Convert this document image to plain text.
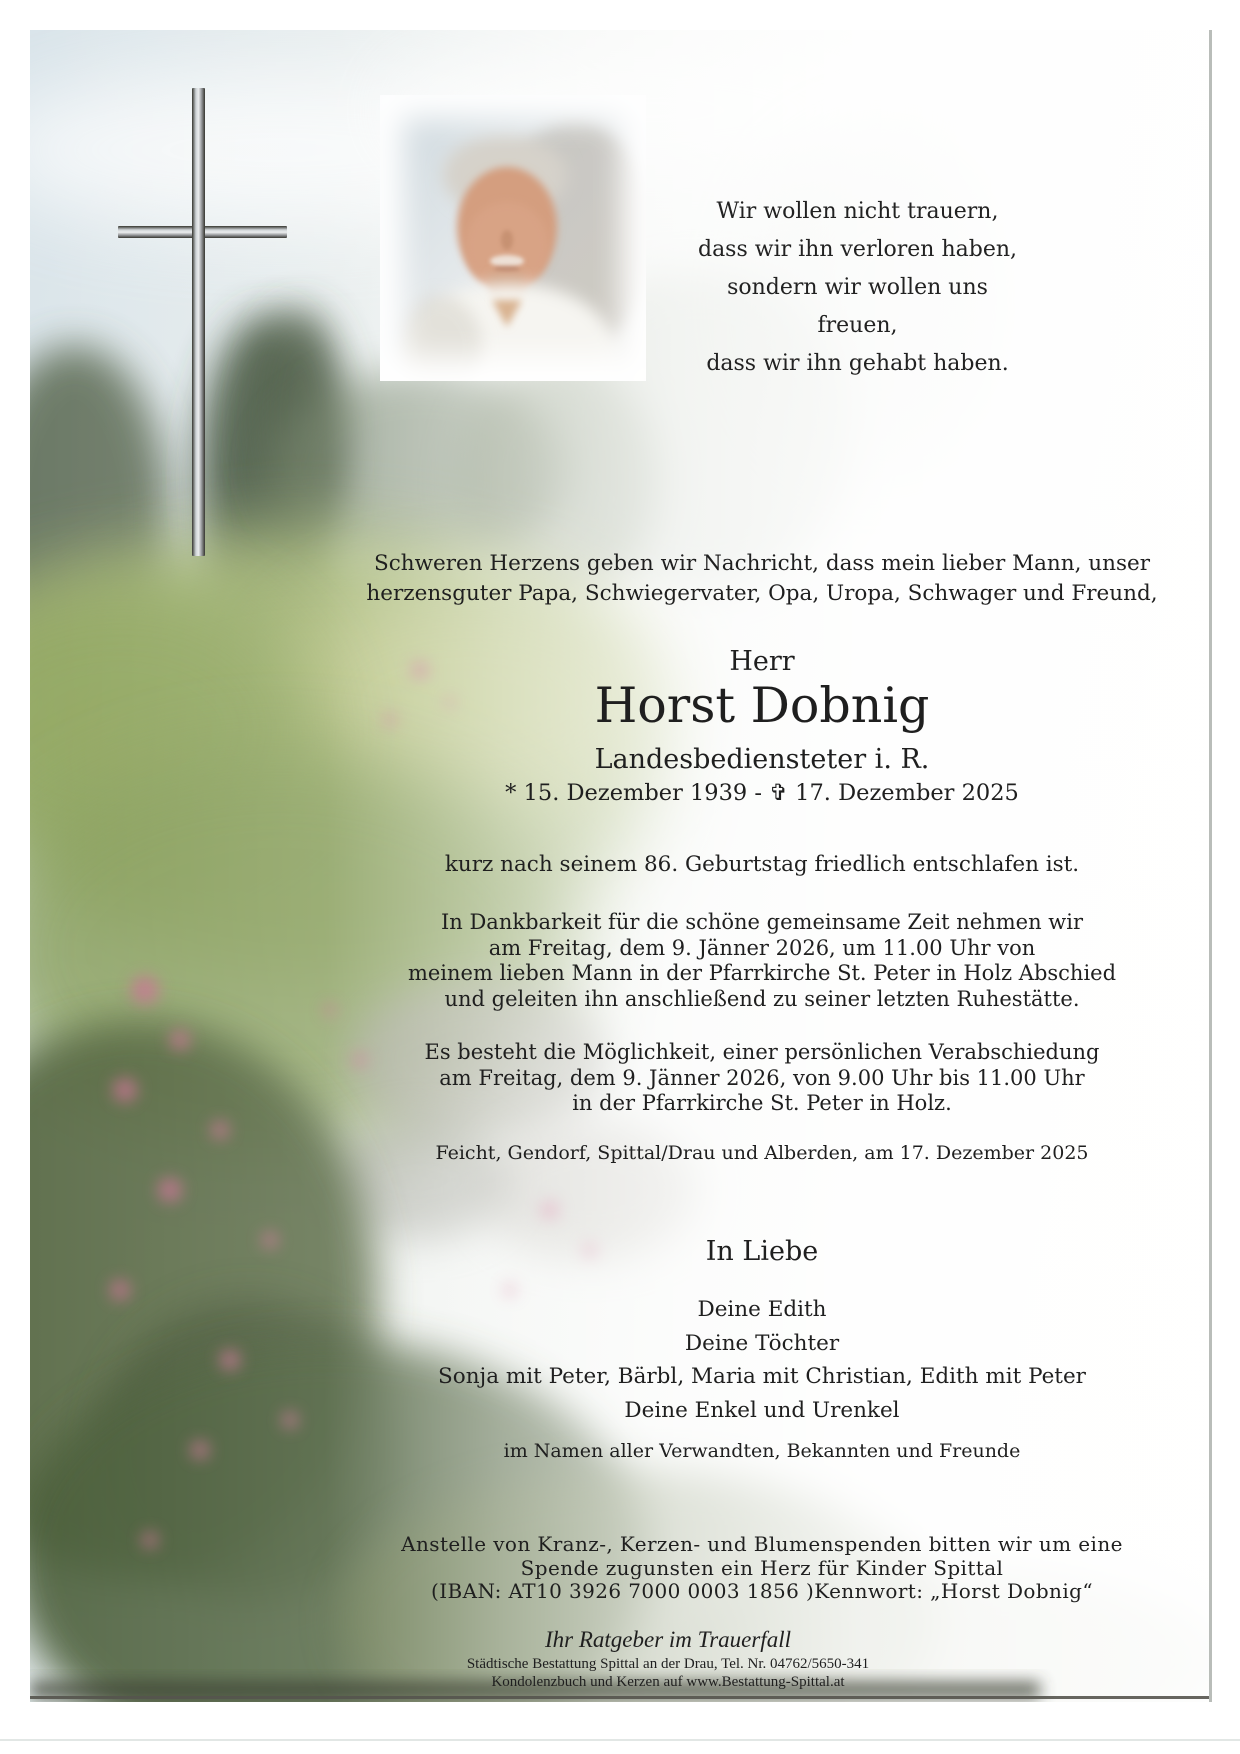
Wir wollen nicht trauern,
dass wir ihn verloren haben,
sondern wir wollen uns freuen,
dass wir ihn gehabt haben.
Schweren Herzens geben wir Nachricht, dass mein lieber Mann, unser
herzensguter Papa, Schwiegervater, Opa, Uropa, Schwager und Freund,
Herr
Horst Dobnig
Landesbediensteter i. R.
* 15. Dezember 1939 - ✞ 17. Dezember 2025
kurz nach seinem 86. Geburtstag friedlich entschlafen ist.
In Dankbarkeit für die schöne gemeinsame Zeit nehmen wir
am Freitag, dem 9. Jänner 2026, um 11.00 Uhr von
meinem lieben Mann in der Pfarrkirche St. Peter in Holz Abschied
und geleiten ihn anschließend zu seiner letzten Ruhestätte.
Es besteht die Möglichkeit, einer persönlichen Verabschiedung
am Freitag, dem 9. Jänner 2026, von 9.00 Uhr bis 11.00 Uhr
in der Pfarrkirche St. Peter in Holz.
Feicht, Gendorf, Spittal/Drau und Alberden, am 17. Dezember 2025
In Liebe
Deine Edith
Deine Töchter
Sonja mit Peter, Bärbl, Maria mit Christian, Edith mit Peter
Deine Enkel und Urenkel
im Namen aller Verwandten, Bekannten und Freunde
Anstelle von Kranz-, Kerzen- und Blumenspenden bitten wir um eine
Spende zugunsten ein Herz für Kinder Spittal
(IBAN: AT10 3926 7000 0003 1856 )Kennwort: „Horst Dobnig“
Ihr Ratgeber im Trauerfall
Städtische Bestattung Spittal an der Drau, Tel. Nr. 04762/5650-341
Kondolenzbuch und Kerzen auf www.Bestattung-Spittal.at
